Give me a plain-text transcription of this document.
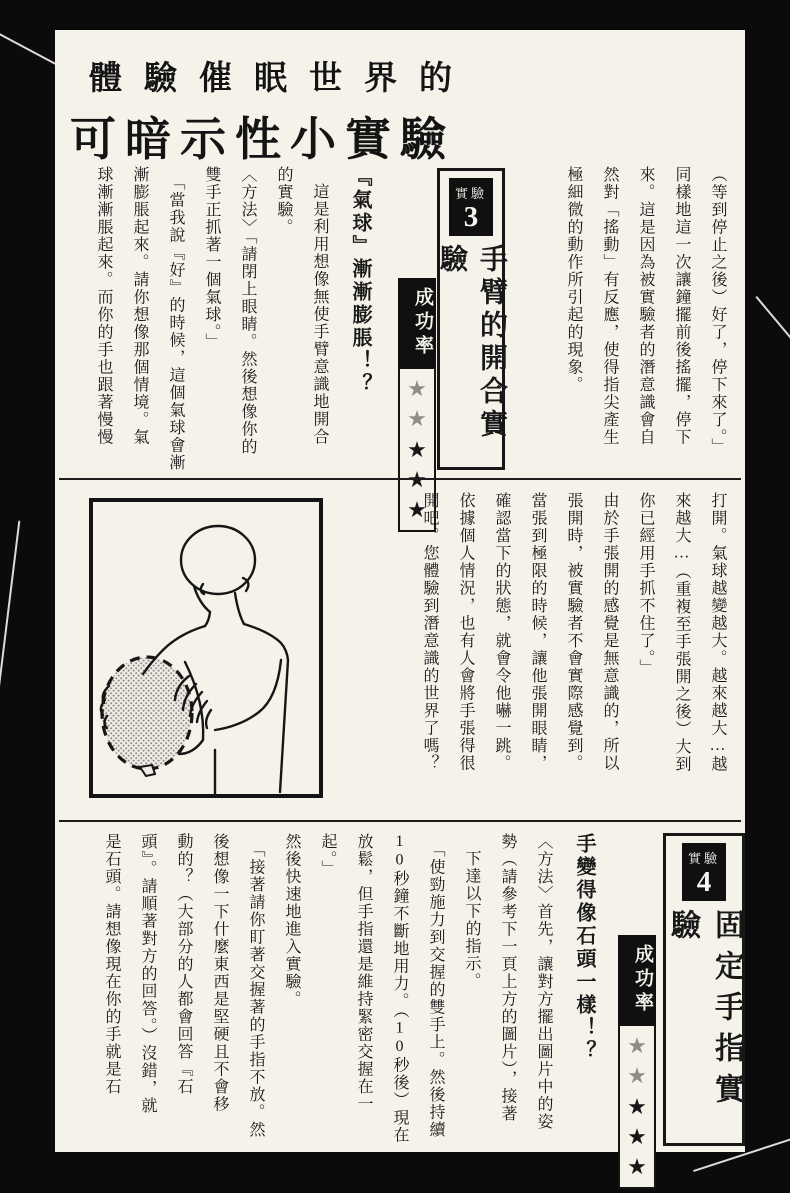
體驗催眠世界的
可暗示性小實驗
（等到停止之後）好了，停下來了。」
同樣地這一次讓鐘擺前後搖擺，停下
來。這是因為被實驗者的潛意識會自
然對「搖動」有反應，使得指尖產生
極細微的動作所引起的現象。
實驗
3
手臂的開合實驗
成功率
★
★
★
★
『氣球』漸漸膨脹！？
這是利用想像無使手臂意識地開合
的實驗。
〈方法〉「請閉上眼睛。然後想像你的
雙手正抓著一個氣球。」
「當我說『好』的時候，這個氣球會漸
漸膨脹起來。請你想像那個情境。氣
球漸漸脹起來。而你的手也跟著慢慢
打開。氣球越變越大。越來越大…越
來越大…（重複至手張開之後）大到
你已經用手抓不住了。」
由於手張開的感覺是無意識的，所以
張開時，被實驗者不會實際感覺到。
當張到極限的時候，讓他張開眼睛，
確認當下的狀態，就會令他嚇一跳。
依據個人情況，也有人會將手張得很
開吧。您體驗到潛意識的世界了嗎？
實驗
4
固定手指實驗
成功率
★
★
★
★
★
手變得像石頭一樣！？
〈方法〉首先，讓對方擺出圖片中的姿
勢（請參考下一頁上方的圖片），接著
下達以下的指示。
「使勁施力到交握的雙手上。然後持續
10秒鐘不斷地用力。（10秒後）現在
放鬆，但手指還是維持緊密交握在一
起。」
然後快速地進入實驗。
「接著請你盯著交握著的手指不放。然
後想像一下什麼東西是堅硬且不會移
動的？（大部分的人都會回答『石
頭』。請順著對方的回答。）沒錯，就
是石頭。請想像現在你的手就是石
